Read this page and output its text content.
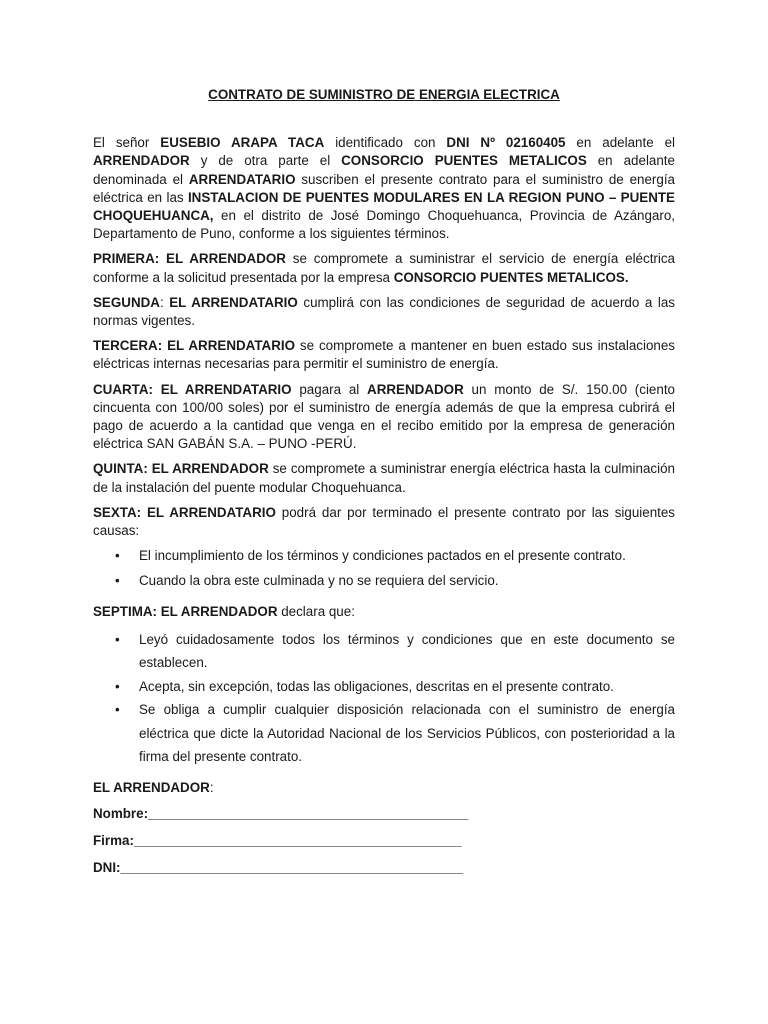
CONTRATO DE SUMINISTRO DE ENERGIA ELECTRICA

El señor EUSEBIO ARAPA TACA identificado con DNI Nº 02160405 en adelante el ARRENDADOR y de otra parte el CONSORCIO PUENTES METALICOS en adelante denominada el ARRENDATARIO suscriben el presente contrato para el suministro de energía eléctrica en las INSTALACION DE PUENTES MODULARES EN LA REGION PUNO – PUENTE CHOQUEHUANCA, en el distrito de José Domingo Choquehuanca, Provincia de Azángaro, Departamento de Puno, conforme a los siguientes términos.

PRIMERA: EL ARRENDADOR se compromete a suministrar el servicio de energía eléctrica conforme a la solicitud presentada por la empresa CONSORCIO PUENTES METALICOS.

SEGUNDA: EL ARRENDATARIO cumplirá con las condiciones de seguridad de acuerdo a las normas vigentes.

TERCERA: EL ARRENDATARIO se compromete a mantener en buen estado sus instalaciones eléctricas internas necesarias para permitir el suministro de energía.

CUARTA: EL ARRENDATARIO pagara al ARRENDADOR un monto de S/. 150.00 (ciento cincuenta con 100/00 soles) por el suministro de energía además de que la empresa cubrirá el pago de acuerdo a la cantidad que venga en el recibo emitido por la empresa de generación eléctrica SAN GABÁN S.A. – PUNO -PERÚ.

QUINTA: EL ARRENDADOR se compromete a suministrar energía eléctrica hasta la culminación de la instalación del puente modular Choquehuanca.

SEXTA: EL ARRENDATARIO podrá dar por terminado el presente contrato por las siguientes causas:

• El incumplimiento de los términos y condiciones pactados en el presente contrato.
• Cuando la obra este culminada y no se requiera del servicio.

SEPTIMA: EL ARRENDADOR declara que:

• Leyó cuidadosamente todos los términos y condiciones que en este documento se establecen.
• Acepta, sin excepción, todas las obligaciones, descritas en el presente contrato.
• Se obliga a cumplir cualquier disposición relacionada con el suministro de energía eléctrica que dicte la Autoridad Nacional de los Servicios Públicos, con posterioridad a la firma del presente contrato.
EL ARRENDADOR:
Nombre:___________________________________________
Firma:____________________________________________
DNI:______________________________________________
